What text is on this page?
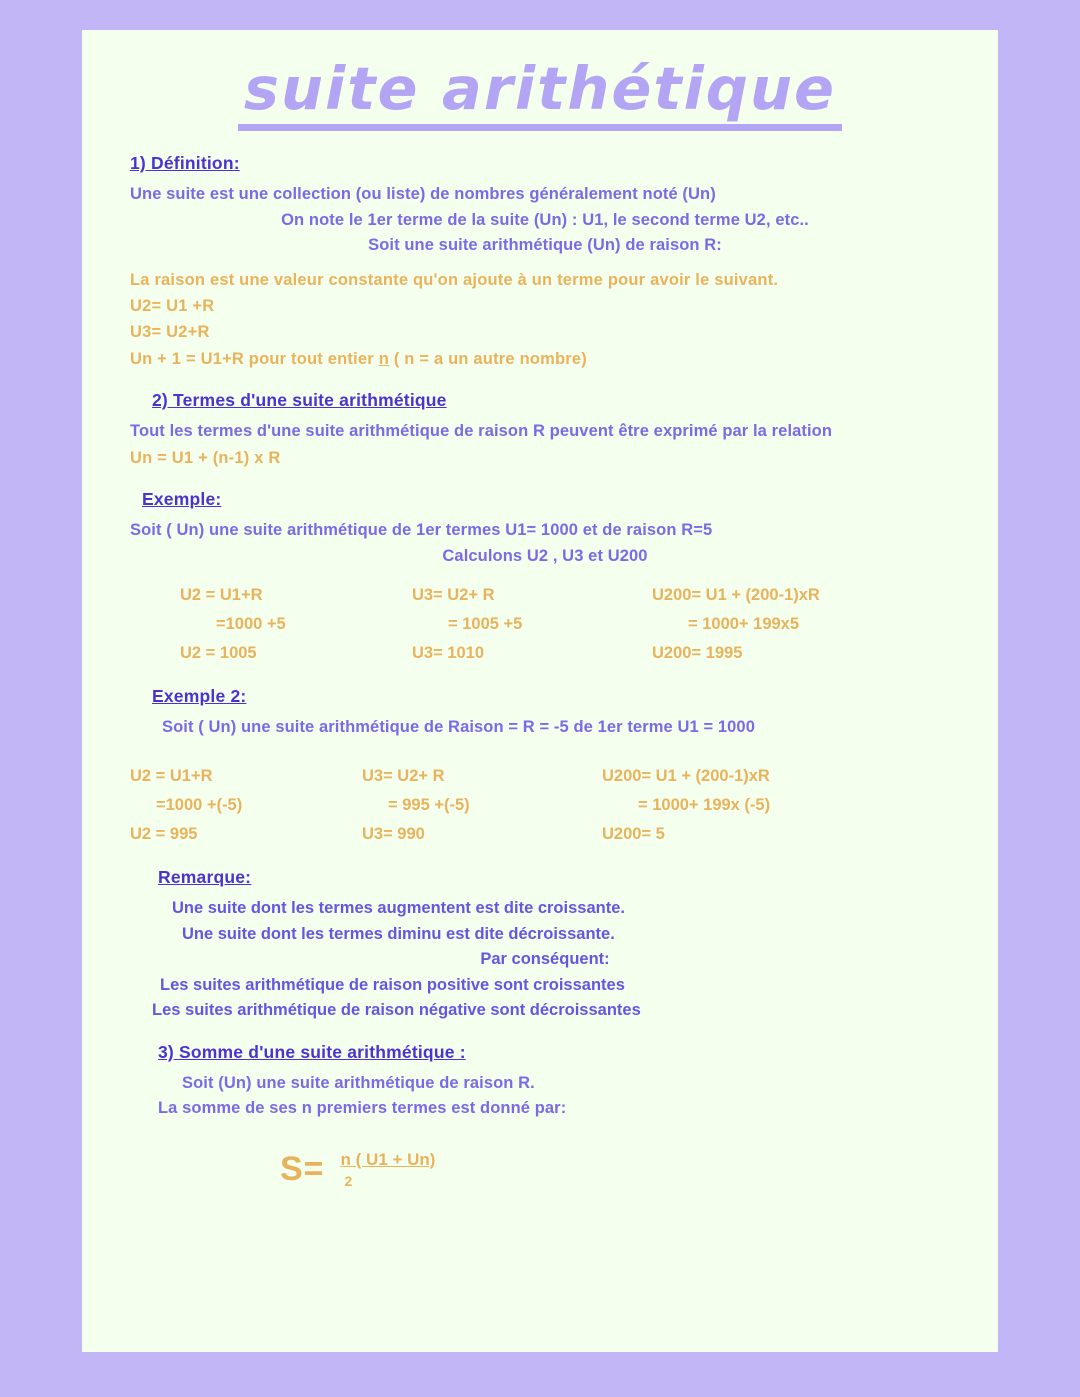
suite arithétique
1) Définition:
Une suite est une collection (ou liste) de nombres généralement noté (Un)
On note le 1er terme de la suite (Un) : U1, le second terme U2, etc..
Soit une suite arithmétique (Un) de raison R:
La raison est une valeur constante qu'on ajoute à un terme pour avoir le suivant.
U2= U1 +R
U3= U2+R
Un + 1 = U1+R pour tout entier n ( n = a un autre nombre)
2) Termes d'une suite arithmétique
Tout les termes d'une suite arithmétique de raison R peuvent être exprimé par la relation
Un = U1 + (n-1) x R
Exemple:
Soit ( Un) une suite arithmétique de 1er termes U1= 1000 et de raison R=5
Calculons U2 , U3 et U200
U2 = U1+R
=1000 +5
U2 = 1005
U3= U2+ R
= 1005 +5
U3= 1010
U200= U1 + (200-1)xR
= 1000+ 199x5
U200= 1995
Exemple 2:
Soit ( Un) une suite arithmétique de Raison = R = -5 de 1er terme U1 = 1000
U2 = U1+R
=1000 +(-5)
U2 = 995
U3= U2+ R
= 995 +(-5)
U3= 990
U200= U1 + (200-1)xR
= 1000+ 199x (-5)
U200= 5
Remarque:
Une suite dont les termes augmentent est dite croissante.
Une suite dont les termes diminu est dite décroissante.
Par conséquent:
Les suites arithmétique de raison positive sont croissantes
Les suites arithmétique de raison négative sont décroissantes
3) Somme d'une suite arithmétique :
Soit (Un) une suite arithmétique de raison R.
La somme de ses n premiers termes est donné par:
$S= \frac{n ( U1 + Un)}{2}$
